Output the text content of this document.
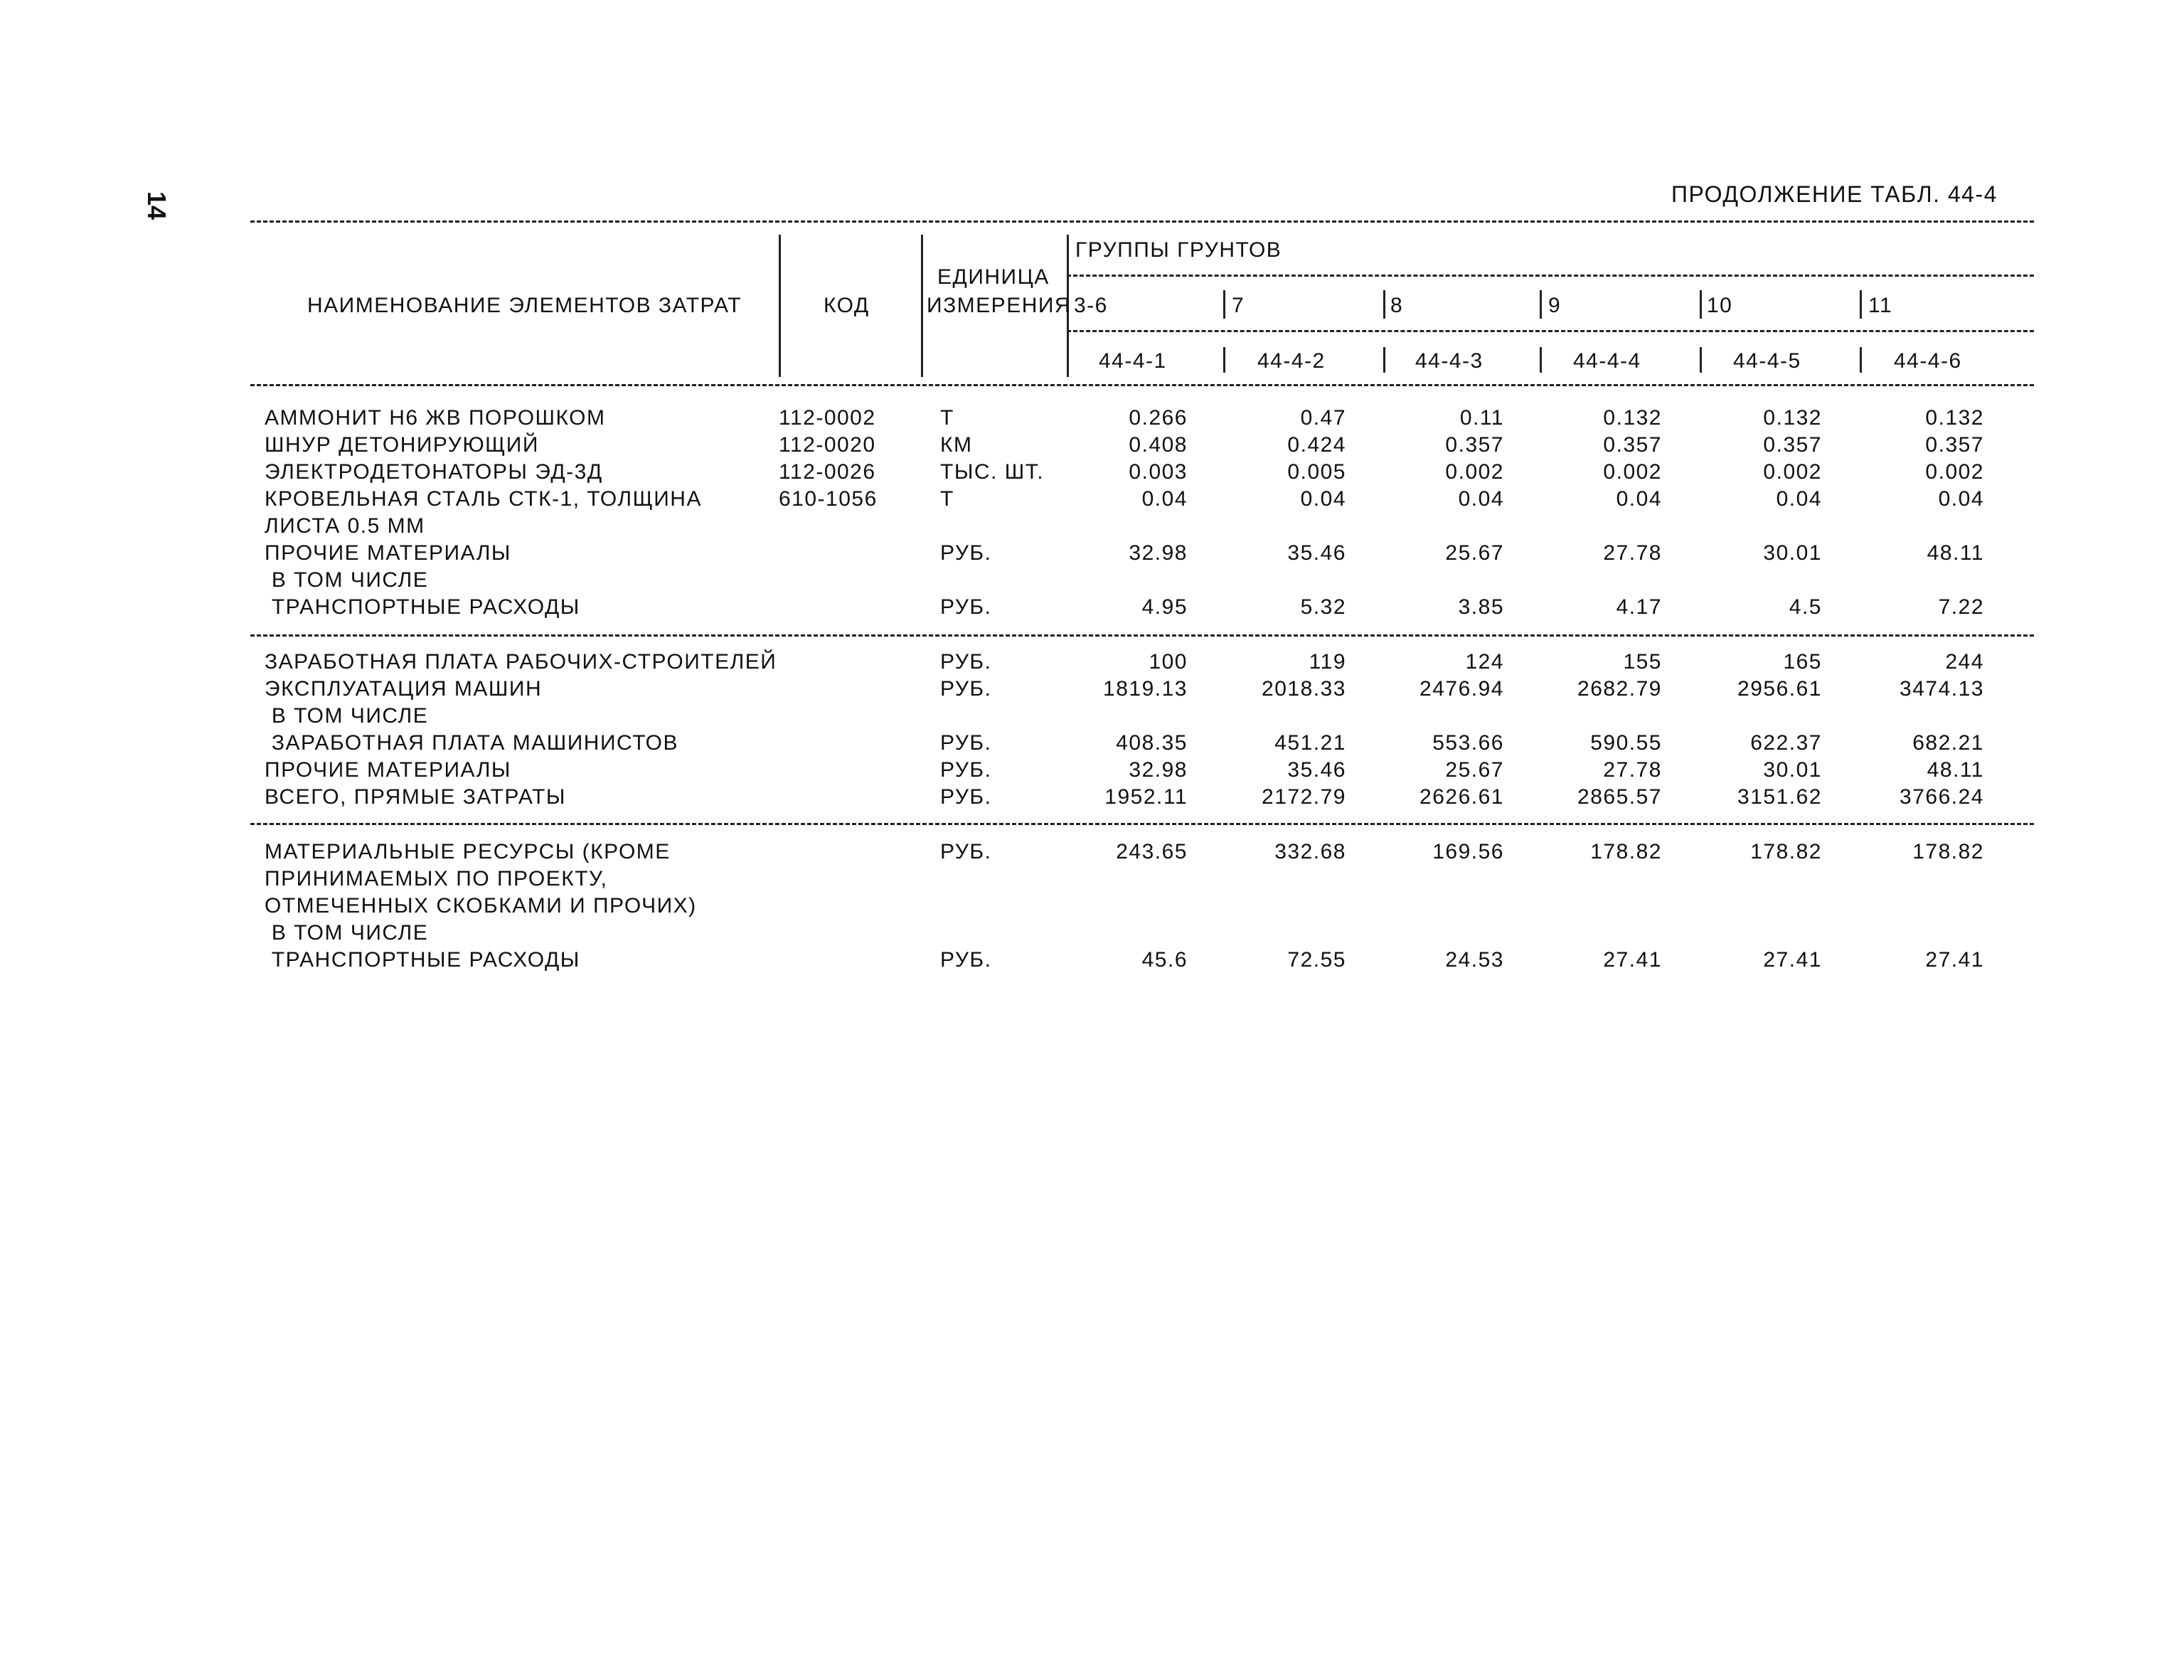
14	ПРОДОЛЖЕНИЕ ТАБЛ. 44-4
НАИМЕНОВАНИЕ ЭЛЕМЕНТОВ ЗАТРАТ	КОД
ЕДИНИЦА
ИЗМЕРЕНИЯ
ГРУППЫ ГРУНТОВ
3-6	7	8	9	10	11
44-4-1	44-4-2	44-4-3	44-4-4	44-4-5	44-4-6
АММОНИТ Н6 ЖВ ПОРОШКОМ	112-0002	Т	0.266	0.47	0.11	0.132	0.132	0.132
ШНУР ДЕТОНИРУЮЩИЙ	112-0020	КМ	0.408	0.424	0.357	0.357	0.357	0.357
ЭЛЕКТРОДЕТОНАТОРЫ ЭД-3Д	112-0026	ТЫС. ШТ.	0.003	0.005	0.002	0.002	0.002	0.002
КРОВЕЛЬНАЯ СТАЛЬ СТК-1, ТОЛЩИНА	610-1056	Т	0.04	0.04	0.04	0.04	0.04	0.04
ЛИСТА 0.5 ММ
ПРОЧИЕ МАТЕРИАЛЫ	РУБ.	32.98	35.46	25.67	27.78	30.01	48.11
В ТОМ ЧИСЛЕ
ТРАНСПОРТНЫЕ РАСХОДЫ	РУБ.	4.95	5.32	3.85	4.17	4.5	7.22
ЗАРАБОТНАЯ ПЛАТА РАБОЧИХ-СТРОИТЕЛЕЙ	РУБ.	100	119	124	155	165	244
ЭКСПЛУАТАЦИЯ МАШИН	РУБ.	1819.13	2018.33	2476.94	2682.79	2956.61	3474.13
В ТОМ ЧИСЛЕ
ЗАРАБОТНАЯ ПЛАТА МАШИНИСТОВ	РУБ.	408.35	451.21	553.66	590.55	622.37	682.21
ПРОЧИЕ МАТЕРИАЛЫ	РУБ.	32.98	35.46	25.67	27.78	30.01	48.11
ВСЕГО, ПРЯМЫЕ ЗАТРАТЫ	РУБ.	1952.11	2172.79	2626.61	2865.57	3151.62	3766.24
МАТЕРИАЛЬНЫЕ РЕСУРСЫ (КРОМЕ	РУБ.	243.65	332.68	169.56	178.82	178.82	178.82
ПРИНИМАЕМЫХ ПО ПРОЕКТУ,
ОТМЕЧЕННЫХ СКОБКАМИ И ПРОЧИХ)
В ТОМ ЧИСЛЕ
ТРАНСПОРТНЫЕ РАСХОДЫ	РУБ.	45.6	72.55	24.53	27.41	27.41	27.41
